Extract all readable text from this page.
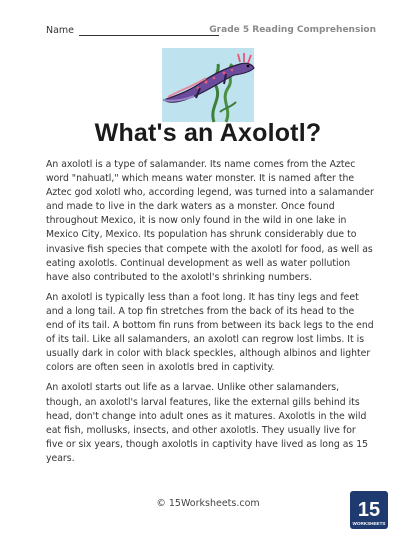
Name	Grade 5 Reading Comprehension
What's an Axolotl?

An axolotl is a type of salamander. Its name comes from the Aztec word "nahuatl," which means water monster. It is named after the Aztec god xolotl who, according legend, was turned into a salamander and made to live in the dark waters as a monster. Once found throughout Mexico, it is now only found in the wild in one lake in Mexico City, Mexico. Its population has shrunk considerably due to invasive fish species that compete with the axolotl for food, as well as eating axolotls. Continual development as well as water pollution have also contributed to the axolotl's shrinking numbers.

An axolotl is typically less than a foot long. It has tiny legs and feet and a long tail. A top fin stretches from the back of its head to the end of its tail. A bottom fin runs from between its back legs to the end of its tail. Like all salamanders, an axolotl can regrow lost limbs. It is usually dark in color with black speckles, although albinos and lighter colors are often seen in axolotls bred in captivity.

An axolotl starts out life as a larvae. Unlike other salamanders, though, an axolotl's larval features, like the external gills behind its head, don't change into adult ones as it matures. Axolotls in the wild eat fish, mollusks, insects, and other axolotls. They usually live for five or six years, though axolotls in captivity have lived as long as 15 years.

© 15Worksheets.com	15
WORKSHEETS
